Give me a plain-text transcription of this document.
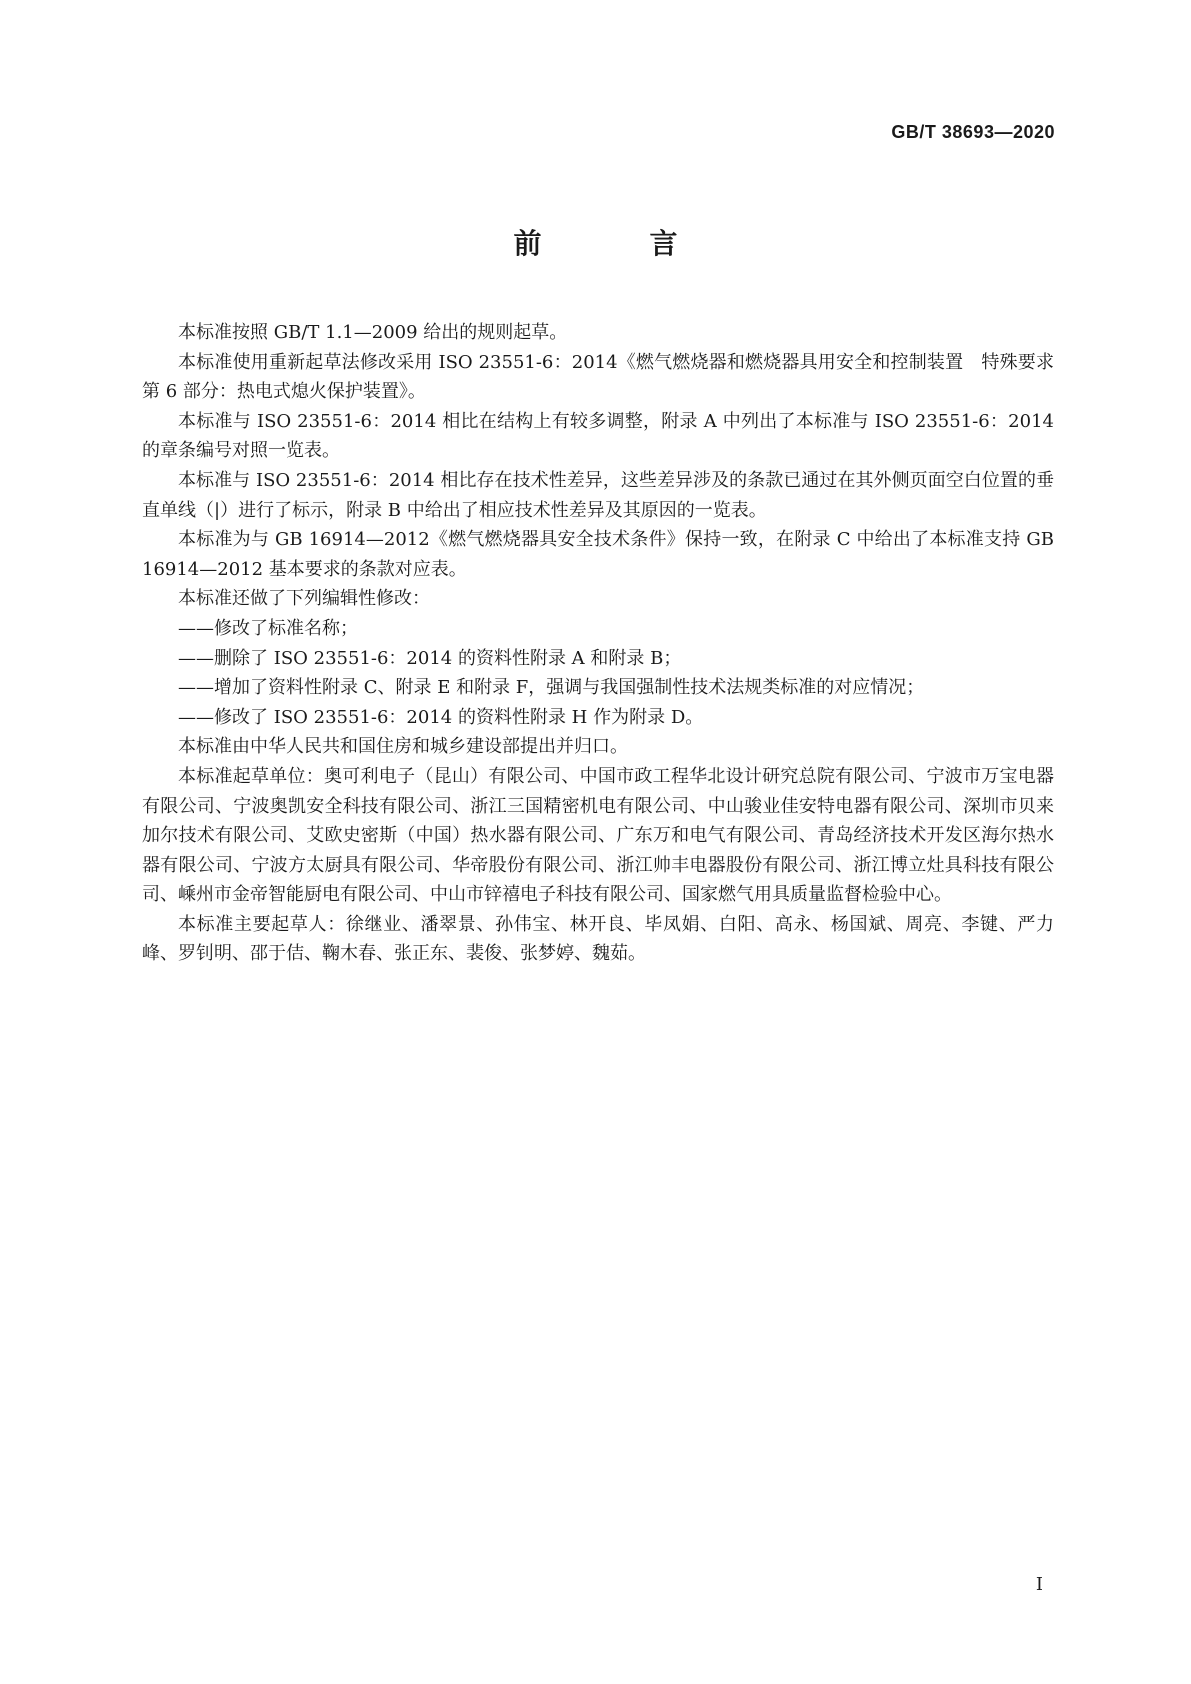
GB/T 38693—2020
前　言

本标准按照 GB/T 1.1—2009 给出的规则起草。

本标准使用重新起草法修改采用 ISO 23551-6：2014《燃气燃烧器和燃烧器具用安全和控制装置　特殊要求　第 6 部分：热电式熄火保护装置》。

本标准与 ISO 23551-6：2014 相比在结构上有较多调整，附录 A 中列出了本标准与 ISO 23551-6：2014 的章条编号对照一览表。

本标准与 ISO 23551-6：2014 相比存在技术性差异，这些差异涉及的条款已通过在其外侧页面空白位置的垂直单线（|）进行了标示，附录 B 中给出了相应技术性差异及其原因的一览表。

本标准为与 GB 16914—2012《燃气燃烧器具安全技术条件》保持一致，在附录 C 中给出了本标准支持 GB 16914—2012 基本要求的条款对应表。

本标准还做了下列编辑性修改：

——修改了标准名称；

——删除了 ISO 23551-6：2014 的资料性附录 A 和附录 B；

——增加了资料性附录 C、附录 E 和附录 F，强调与我国强制性技术法规类标准的对应情况；

——修改了 ISO 23551-6：2014 的资料性附录 H 作为附录 D。

本标准由中华人民共和国住房和城乡建设部提出并归口。

本标准起草单位：奥可利电子（昆山）有限公司、中国市政工程华北设计研究总院有限公司、宁波市万宝电器有限公司、宁波奥凯安全科技有限公司、浙江三国精密机电有限公司、中山骏业佳安特电器有限公司、深圳市贝来加尔技术有限公司、艾欧史密斯（中国）热水器有限公司、广东万和电气有限公司、青岛经济技术开发区海尔热水器有限公司、宁波方太厨具有限公司、华帝股份有限公司、浙江帅丰电器股份有限公司、浙江博立灶具科技有限公司、嵊州市金帝智能厨电有限公司、中山市锌禧电子科技有限公司、国家燃气用具质量监督检验中心。

本标准主要起草人：徐继业、潘翠景、孙伟宝、林开良、毕凤娟、白阳、高永、杨国斌、周亮、李键、严力峰、罗钊明、邵于佶、鞠木春、张正东、裴俊、张梦婷、魏茹。

I
